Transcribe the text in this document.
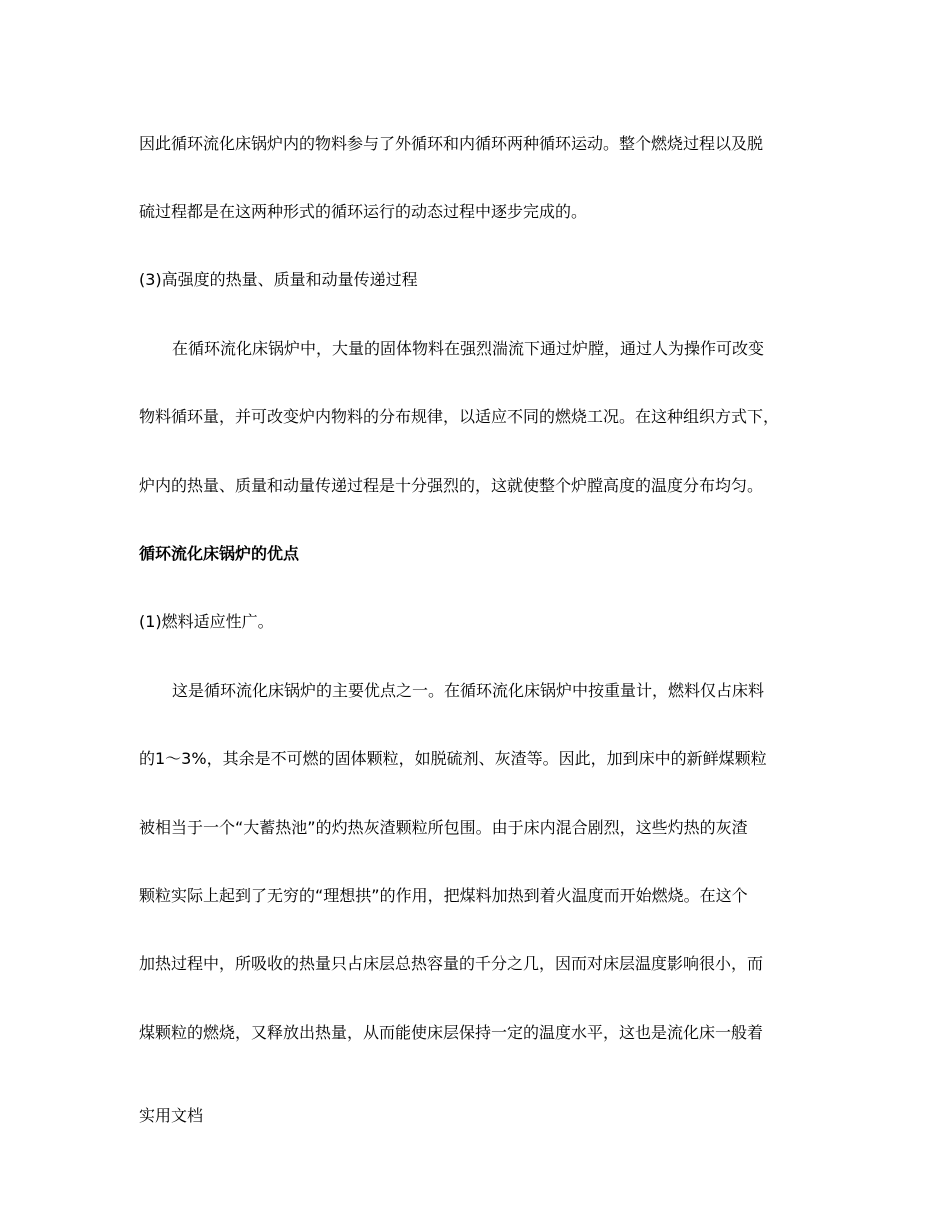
因此循环流化床锅炉内的物料参与了外循环和内循环两种循环运动。整个燃烧过程以及脱

硫过程都是在这两种形式的循环运行的动态过程中逐步完成的。

(3)高强度的热量、质量和动量传递过程

在循环流化床锅炉中，大量的固体物料在强烈湍流下通过炉膛，通过人为操作可改变

物料循环量，并可改变炉内物料的分布规律，以适应不同的燃烧工况。在这种组织方式下，

炉内的热量、质量和动量传递过程是十分强烈的，这就使整个炉膛高度的温度分布均匀。

循环流化床锅炉的优点

(1)燃料适应性广。

这是循环流化床锅炉的主要优点之一。在循环流化床锅炉中按重量计，燃料仅占床料

的1～3%，其余是不可燃的固体颗粒，如脱硫剂、灰渣等。因此，加到床中的新鲜煤颗粒

被相当于一个“大蓄热池”的灼热灰渣颗粒所包围。由于床内混合剧烈，这些灼热的灰渣

颗粒实际上起到了无穷的“理想拱”的作用，把煤料加热到着火温度而开始燃烧。在这个

加热过程中，所吸收的热量只占床层总热容量的千分之几，因而对床层温度影响很小，而

煤颗粒的燃烧，又释放出热量，从而能使床层保持一定的温度水平，这也是流化床一般着

实用文档
